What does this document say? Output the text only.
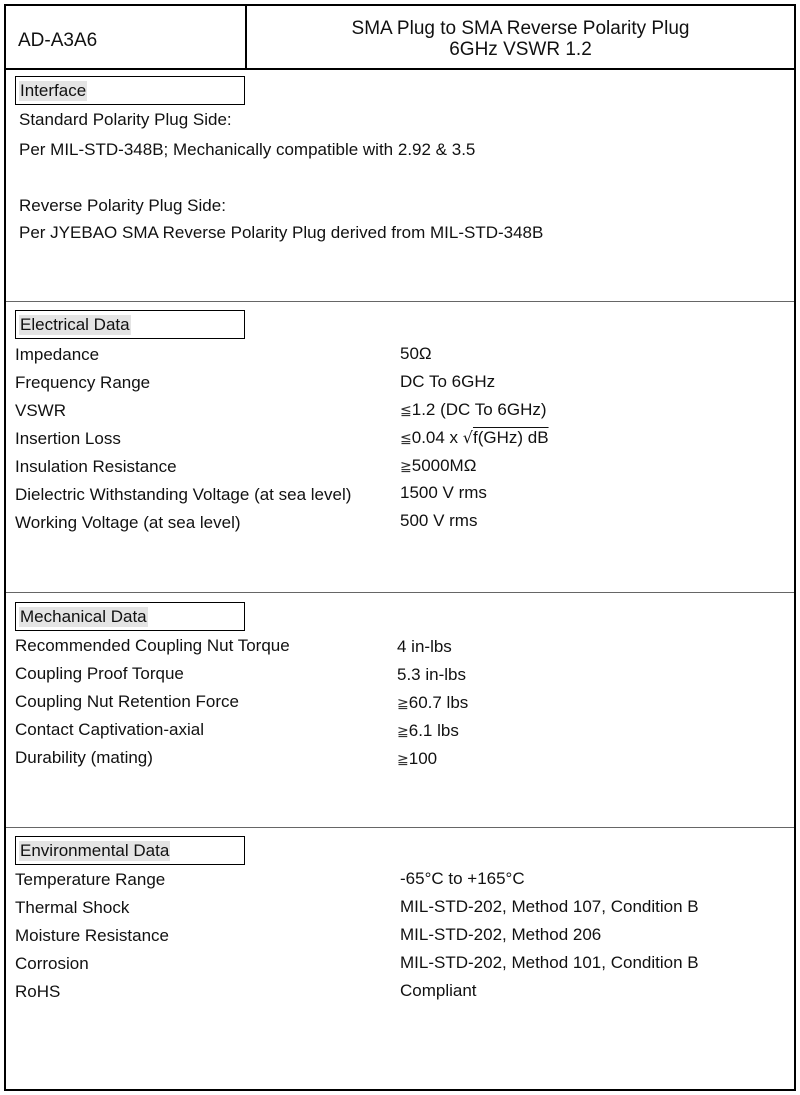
AD-A3A6
SMA Plug to SMA Reverse Polarity Plug
6GHz VSWR 1.2
Interface
Standard Polarity Plug Side:
Per MIL-STD-348B; Mechanically compatible with 2.92 & 3.5
Reverse Polarity Plug Side:
Per JYEBAO SMA Reverse Polarity Plug derived from MIL-STD-348B
Electrical Data
Impedance	50Ω
Frequency Range	DC To 6GHz
VSWR	≦1.2 (DC To 6GHz)
Insertion Loss	≦0.04 x √f(GHz) dB
Insulation Resistance	≧5000MΩ
Dielectric Withstanding Voltage (at sea level)	1500 V rms
Working Voltage (at sea level)	500 V rms
Mechanical Data
Recommended Coupling Nut Torque	4 in-lbs
Coupling Proof Torque	5.3 in-lbs
Coupling Nut Retention Force	≧60.7 lbs
Contact Captivation-axial	≧6.1 lbs
Durability (mating)	≧100
Environmental Data
Temperature Range	-65°C to +165°C
Thermal Shock	MIL-STD-202, Method 107, Condition B
Moisture Resistance	MIL-STD-202, Method 206
Corrosion	MIL-STD-202, Method 101, Condition B
RoHS	Compliant
